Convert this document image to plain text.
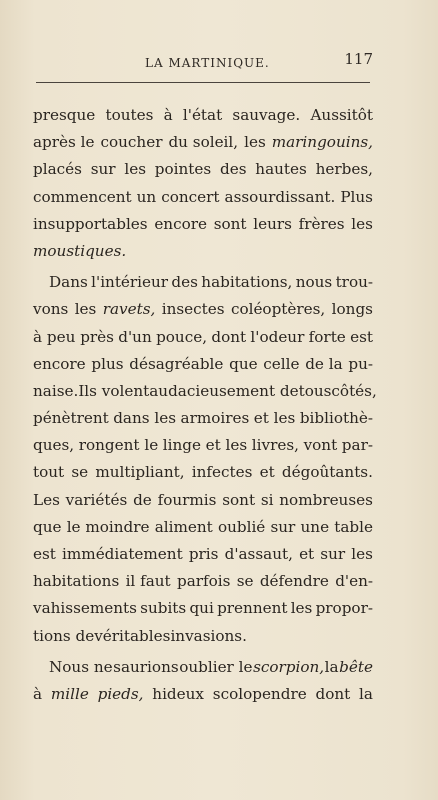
LA MARTINIQUE.	117
presque toutes à l'état sauvage. Aussitôt
après le coucher du soleil, les maringouins,
placés sur les pointes des hautes herbes,
commencent un concert assourdissant. Plus
insupportables encore sont leurs frères les
moustiques.
Dans l'intérieur des habitations, nous trou-
vons les ravets, insectes coléoptères, longs
à peu près d'un pouce, dont l'odeur forte est
encore plus désagréable que celle de la pu-
naise. Ils volent audacieusement de tous côtés,
pénètrent dans les armoires et les bibliothè-
ques, rongent le linge et les livres, vont par-
tout se multipliant, infectes et dégoûtants.
Les variétés de fourmis sont si nombreuses
que le moindre aliment oublié sur une table
est immédiatement pris d'assaut, et sur les
habitations il faut parfois se défendre d'en-
vahissements subits qui prennent les propor-
tions de véritables invasions.
Nous ne saurions oublier le scorpion, la bête
à mille pieds, hideux scolopendre dont la
